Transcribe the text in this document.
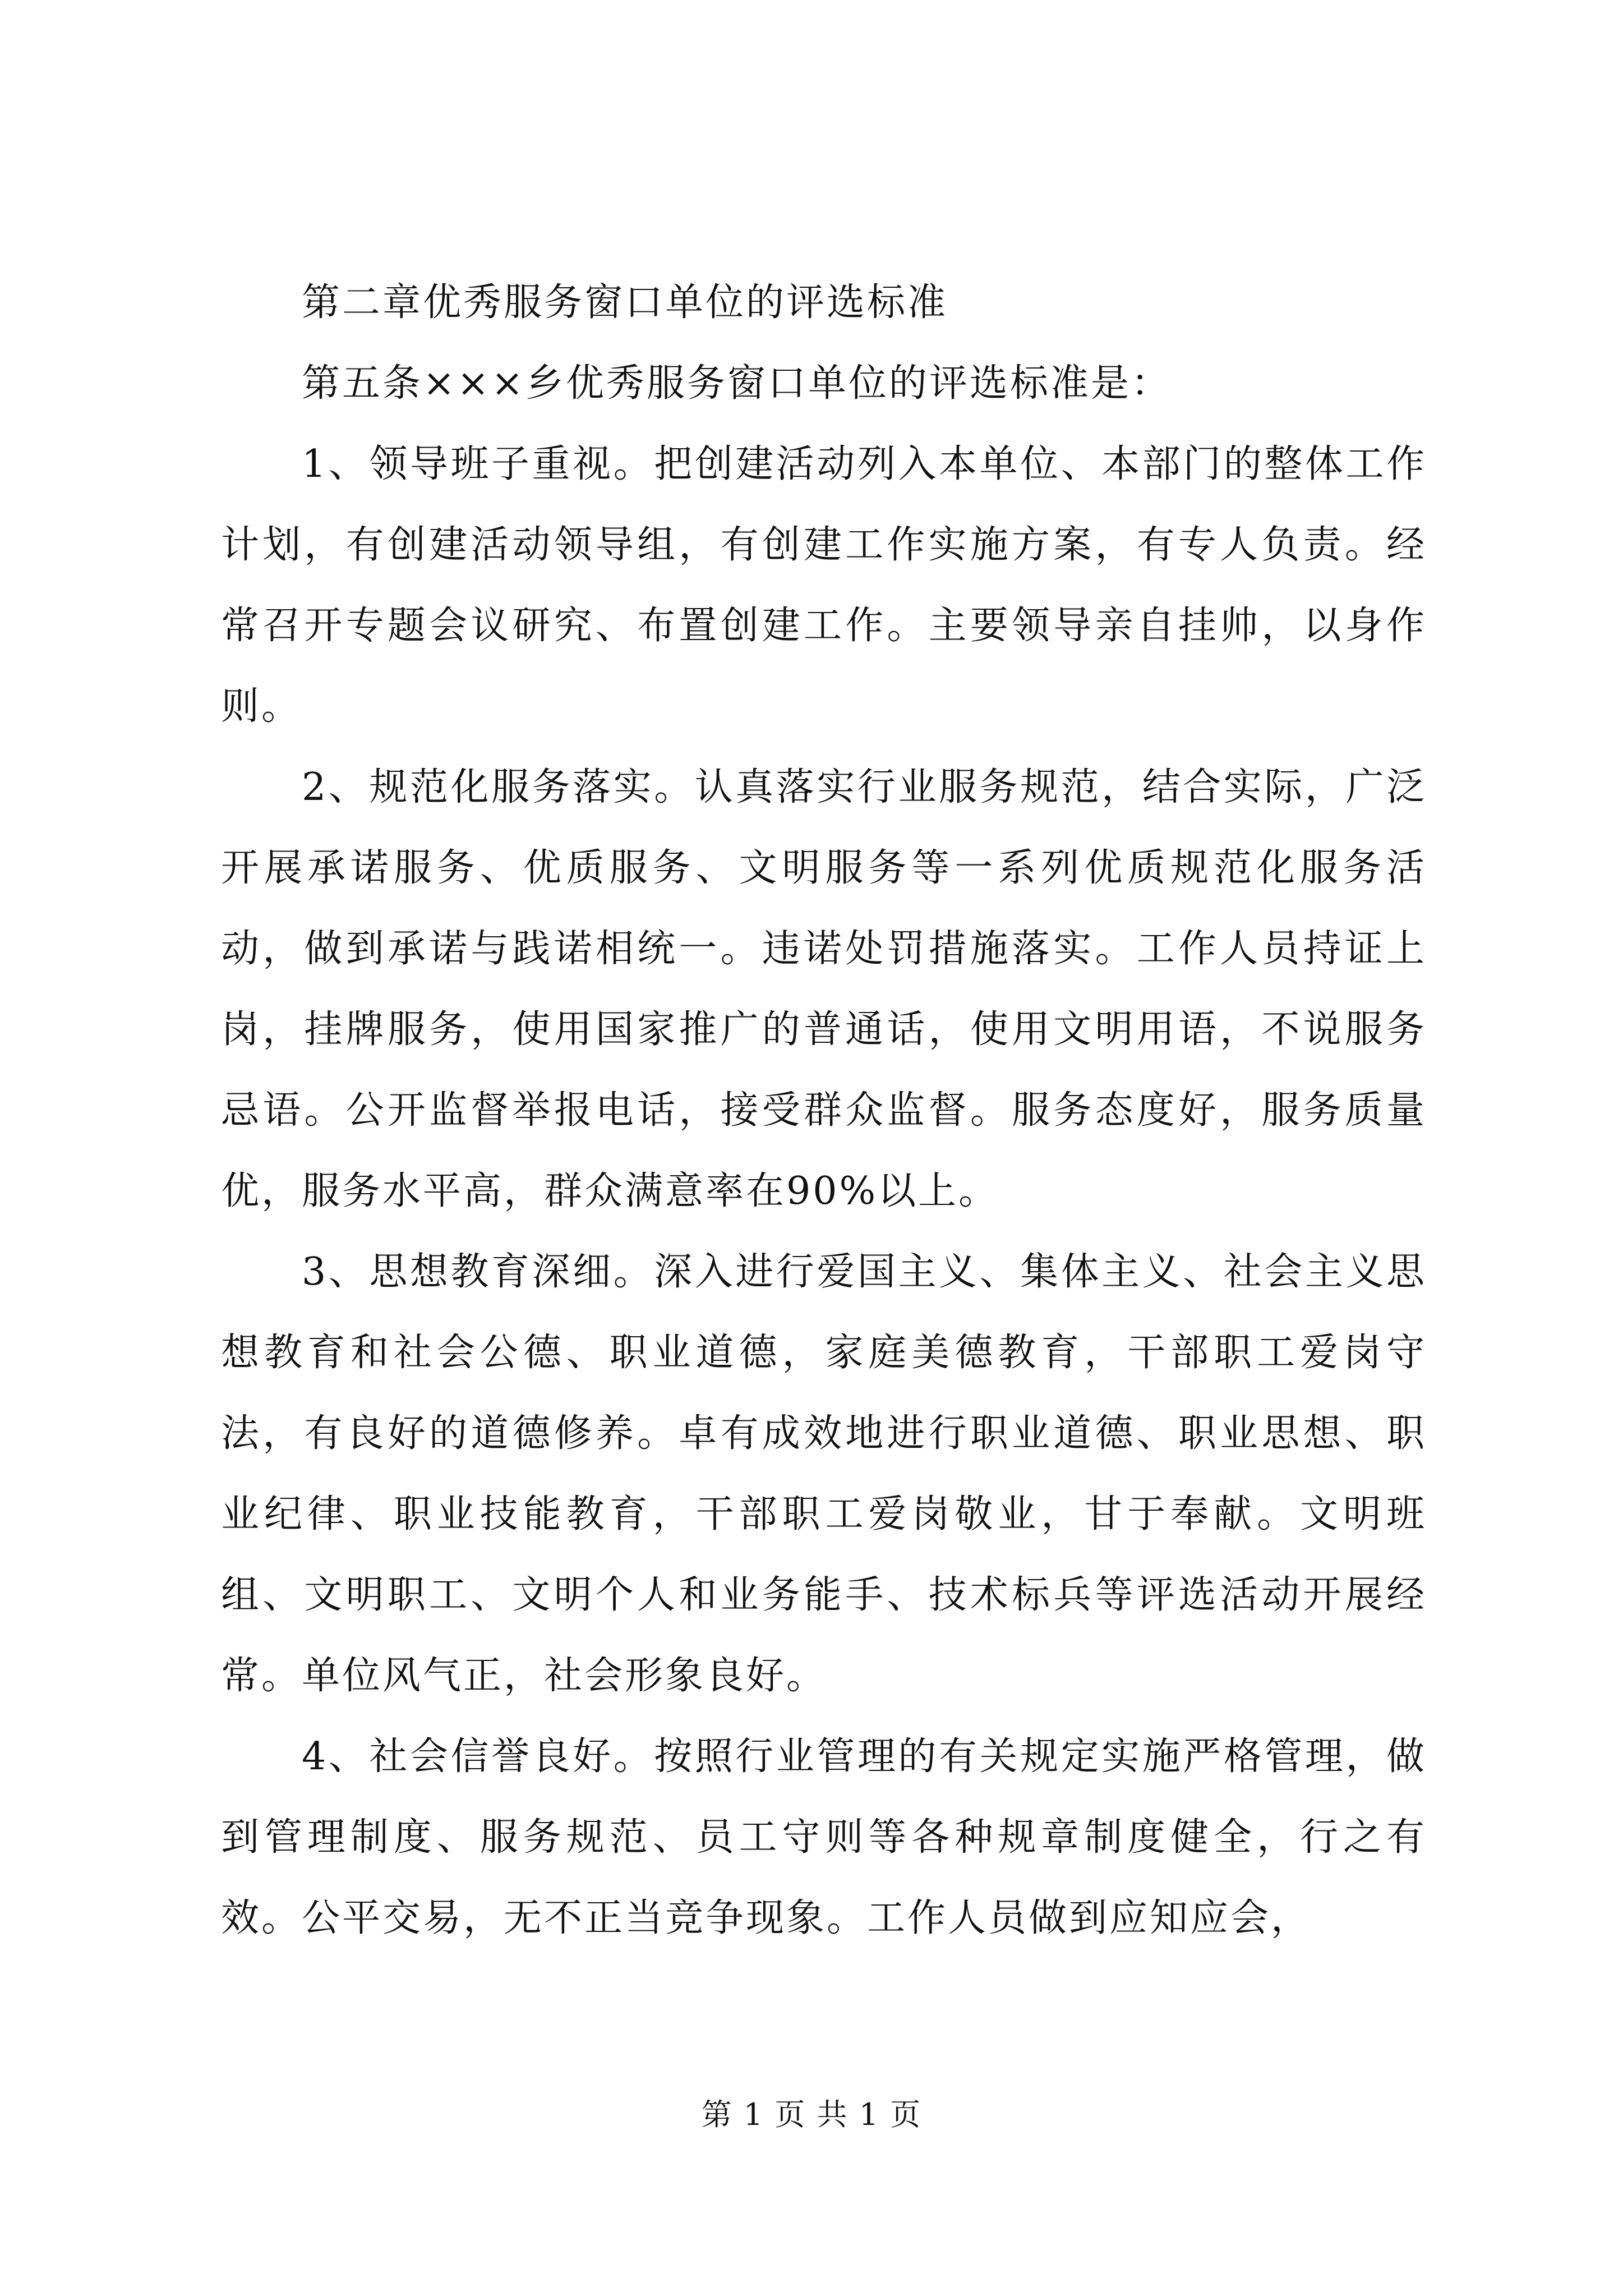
第二章优秀服务窗口单位的评选标准

第五条×××乡优秀服务窗口单位的评选标准是：

1、领导班子重视。把创建活动列入本单位、本部门的整体工作计划，有创建活动领导组，有创建工作实施方案，有专人负责。经常召开专题会议研究、布置创建工作。主要领导亲自挂帅，以身作则。

2、规范化服务落实。认真落实行业服务规范，结合实际，广泛开展承诺服务、优质服务、文明服务等一系列优质规范化服务活动，做到承诺与践诺相统一。违诺处罚措施落实。工作人员持证上岗，挂牌服务，使用国家推广的普通话，使用文明用语，不说服务忌语。公开监督举报电话，接受群众监督。服务态度好，服务质量优，服务水平高，群众满意率在90%以上。

3、思想教育深细。深入进行爱国主义、集体主义、社会主义思想教育和社会公德、职业道德，家庭美德教育，干部职工爱岗守法，有良好的道德修养。卓有成效地进行职业道德、职业思想、职业纪律、职业技能教育，干部职工爱岗敬业，甘于奉献。文明班组、文明职工、文明个人和业务能手、技术标兵等评选活动开展经常。单位风气正，社会形象良好。

4、社会信誉良好。按照行业管理的有关规定实施严格管理，做到管理制度、服务规范、员工守则等各种规章制度健全，行之有效。公平交易，无不正当竞争现象。工作人员做到应知应会，

第 1 页 共 1 页
